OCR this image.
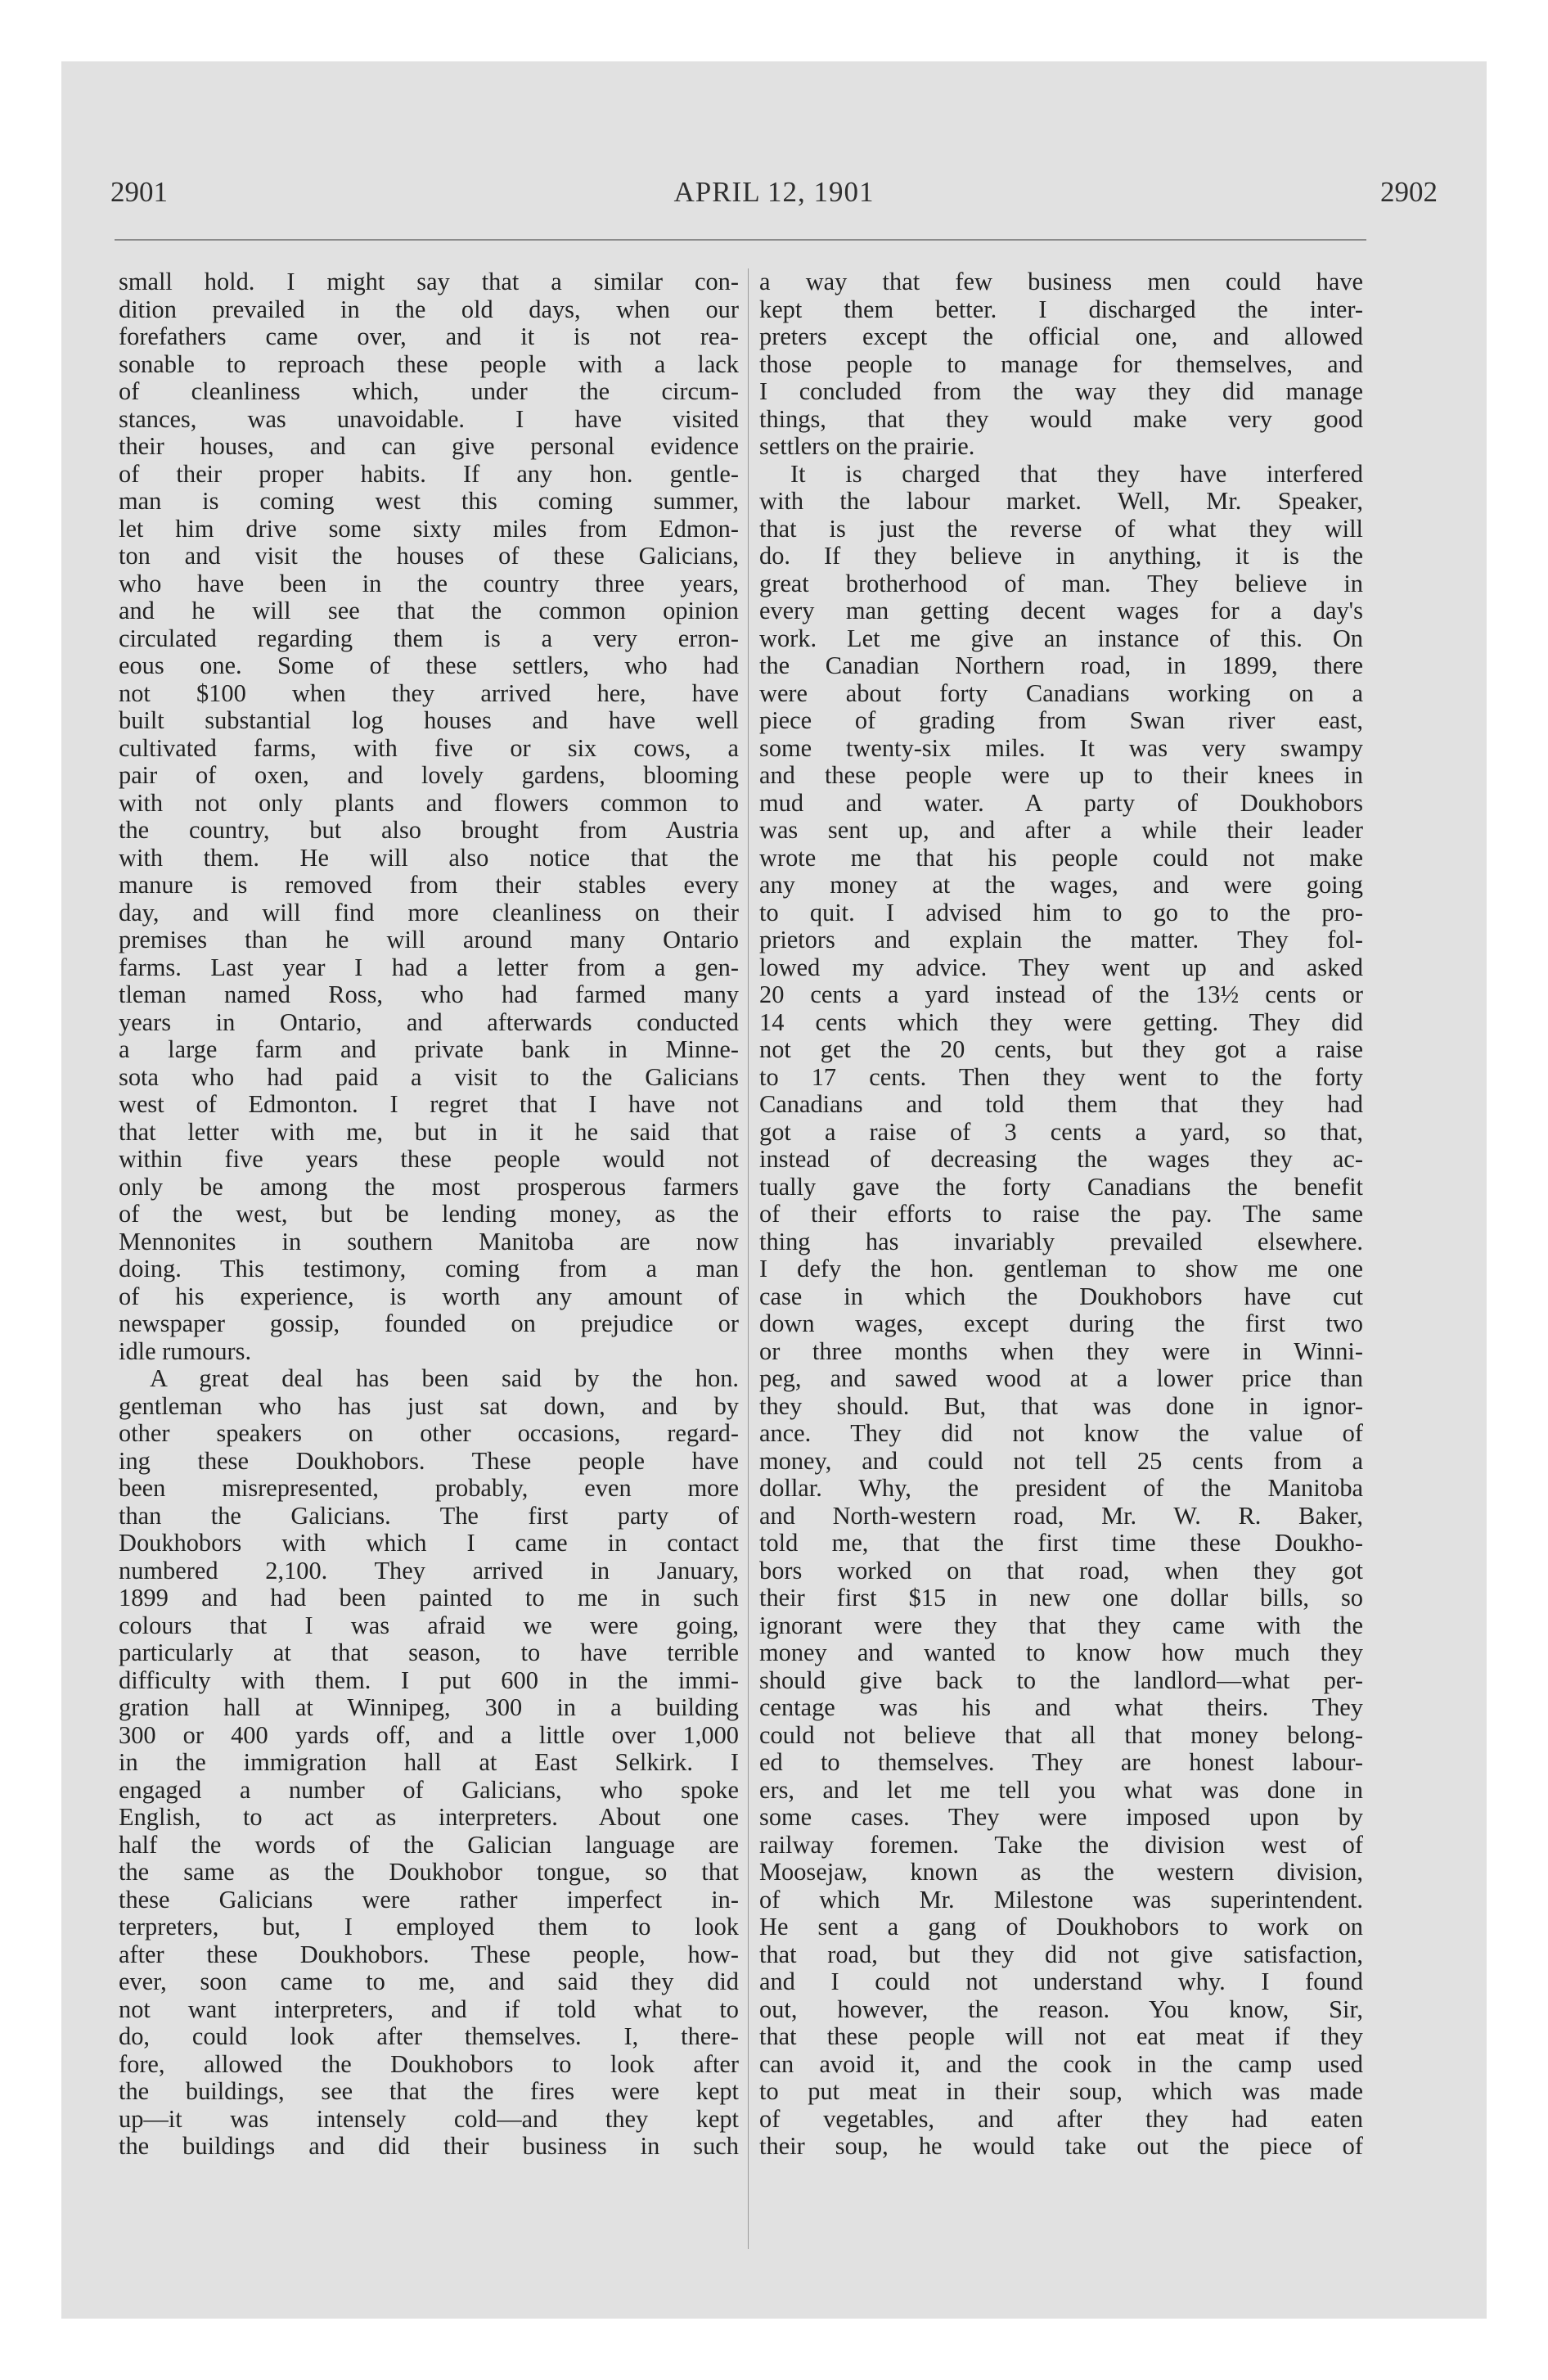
2901	APRIL 12, 1901	2902
small hold. I might say that a similar con-
dition prevailed in the old days, when our
forefathers came over, and it is not rea-
sonable to reproach these people with a lack
of cleanliness which, under the circum-
stances, was unavoidable. I have visited
their houses, and can give personal evidence
of their proper habits. If any hon. gentle-
man is coming west this coming summer,
let him drive some sixty miles from Edmon-
ton and visit the houses of these Galicians,
who have been in the country three years,
and he will see that the common opinion
circulated regarding them is a very erron-
eous one. Some of these settlers, who had
not $100 when they arrived here, have
built substantial log houses and have well
cultivated farms, with five or six cows, a
pair of oxen, and lovely gardens, blooming
with not only plants and flowers common to
the country, but also brought from Austria
with them. He will also notice that the
manure is removed from their stables every
day, and will find more cleanliness on their
premises than he will around many Ontario
farms. Last year I had a letter from a gen-
tleman named Ross, who had farmed many
years in Ontario, and afterwards conducted
a large farm and private bank in Minne-
sota who had paid a visit to the Galicians
west of Edmonton. I regret that I have not
that letter with me, but in it he said that
within five years these people would not
only be among the most prosperous farmers
of the west, but be lending money, as the
Mennonites in southern Manitoba are now
doing. This testimony, coming from a man
of his experience, is worth any amount of
newspaper gossip, founded on prejudice or
idle rumours.
A great deal has been said by the hon.
gentleman who has just sat down, and by
other speakers on other occasions, regard-
ing these Doukhobors. These people have
been misrepresented, probably, even more
than the Galicians. The first party of
Doukhobors with which I came in contact
numbered 2,100. They arrived in January,
1899 and had been painted to me in such
colours that I was afraid we were going,
particularly at that season, to have terrible
difficulty with them. I put 600 in the immi-
gration hall at Winnipeg, 300 in a building
300 or 400 yards off, and a little over 1,000
in the immigration hall at East Selkirk. I
engaged a number of Galicians, who spoke
English, to act as interpreters. About one
half the words of the Galician language are
the same as the Doukhobor tongue, so that
these Galicians were rather imperfect in-
terpreters, but, I employed them to look
after these Doukhobors. These people, how-
ever, soon came to me, and said they did
not want interpreters, and if told what to
do, could look after themselves. I, there-
fore, allowed the Doukhobors to look after
the buildings, see that the fires were kept
up—it was intensely cold—and they kept
the buildings and did their business in such
a way that few business men could have
kept them better. I discharged the inter-
preters except the official one, and allowed
those people to manage for themselves, and
I concluded from the way they did manage
things, that they would make very good
settlers on the prairie.
It is charged that they have interfered
with the labour market. Well, Mr. Speaker,
that is just the reverse of what they will
do. If they believe in anything, it is the
great brotherhood of man. They believe in
every man getting decent wages for a day's
work. Let me give an instance of this. On
the Canadian Northern road, in 1899, there
were about forty Canadians working on a
piece of grading from Swan river east,
some twenty-six miles. It was very swampy
and these people were up to their knees in
mud and water. A party of Doukhobors
was sent up, and after a while their leader
wrote me that his people could not make
any money at the wages, and were going
to quit. I advised him to go to the pro-
prietors and explain the matter. They fol-
lowed my advice. They went up and asked
20 cents a yard instead of the 13½ cents or
14 cents which they were getting. They did
not get the 20 cents, but they got a raise
to 17 cents. Then they went to the forty
Canadians and told them that they had
got a raise of 3 cents a yard, so that,
instead of decreasing the wages they ac-
tually gave the forty Canadians the benefit
of their efforts to raise the pay. The same
thing has invariably prevailed elsewhere.
I defy the hon. gentleman to show me one
case in which the Doukhobors have cut
down wages, except during the first two
or three months when they were in Winni-
peg, and sawed wood at a lower price than
they should. But, that was done in ignor-
ance. They did not know the value of
money, and could not tell 25 cents from a
dollar. Why, the president of the Manitoba
and North-western road, Mr. W. R. Baker,
told me, that the first time these Doukho-
bors worked on that road, when they got
their first $15 in new one dollar bills, so
ignorant were they that they came with the
money and wanted to know how much they
should give back to the landlord—what per-
centage was his and what theirs. They
could not believe that all that money belong-
ed to themselves. They are honest labour-
ers, and let me tell you what was done in
some cases. They were imposed upon by
railway foremen. Take the division west of
Moosejaw, known as the western division,
of which Mr. Milestone was superintendent.
He sent a gang of Doukhobors to work on
that road, but they did not give satisfaction,
and I could not understand why. I found
out, however, the reason. You know, Sir,
that these people will not eat meat if they
can avoid it, and the cook in the camp used
to put meat in their soup, which was made
of vegetables, and after they had eaten
their soup, he would take out the piece of
